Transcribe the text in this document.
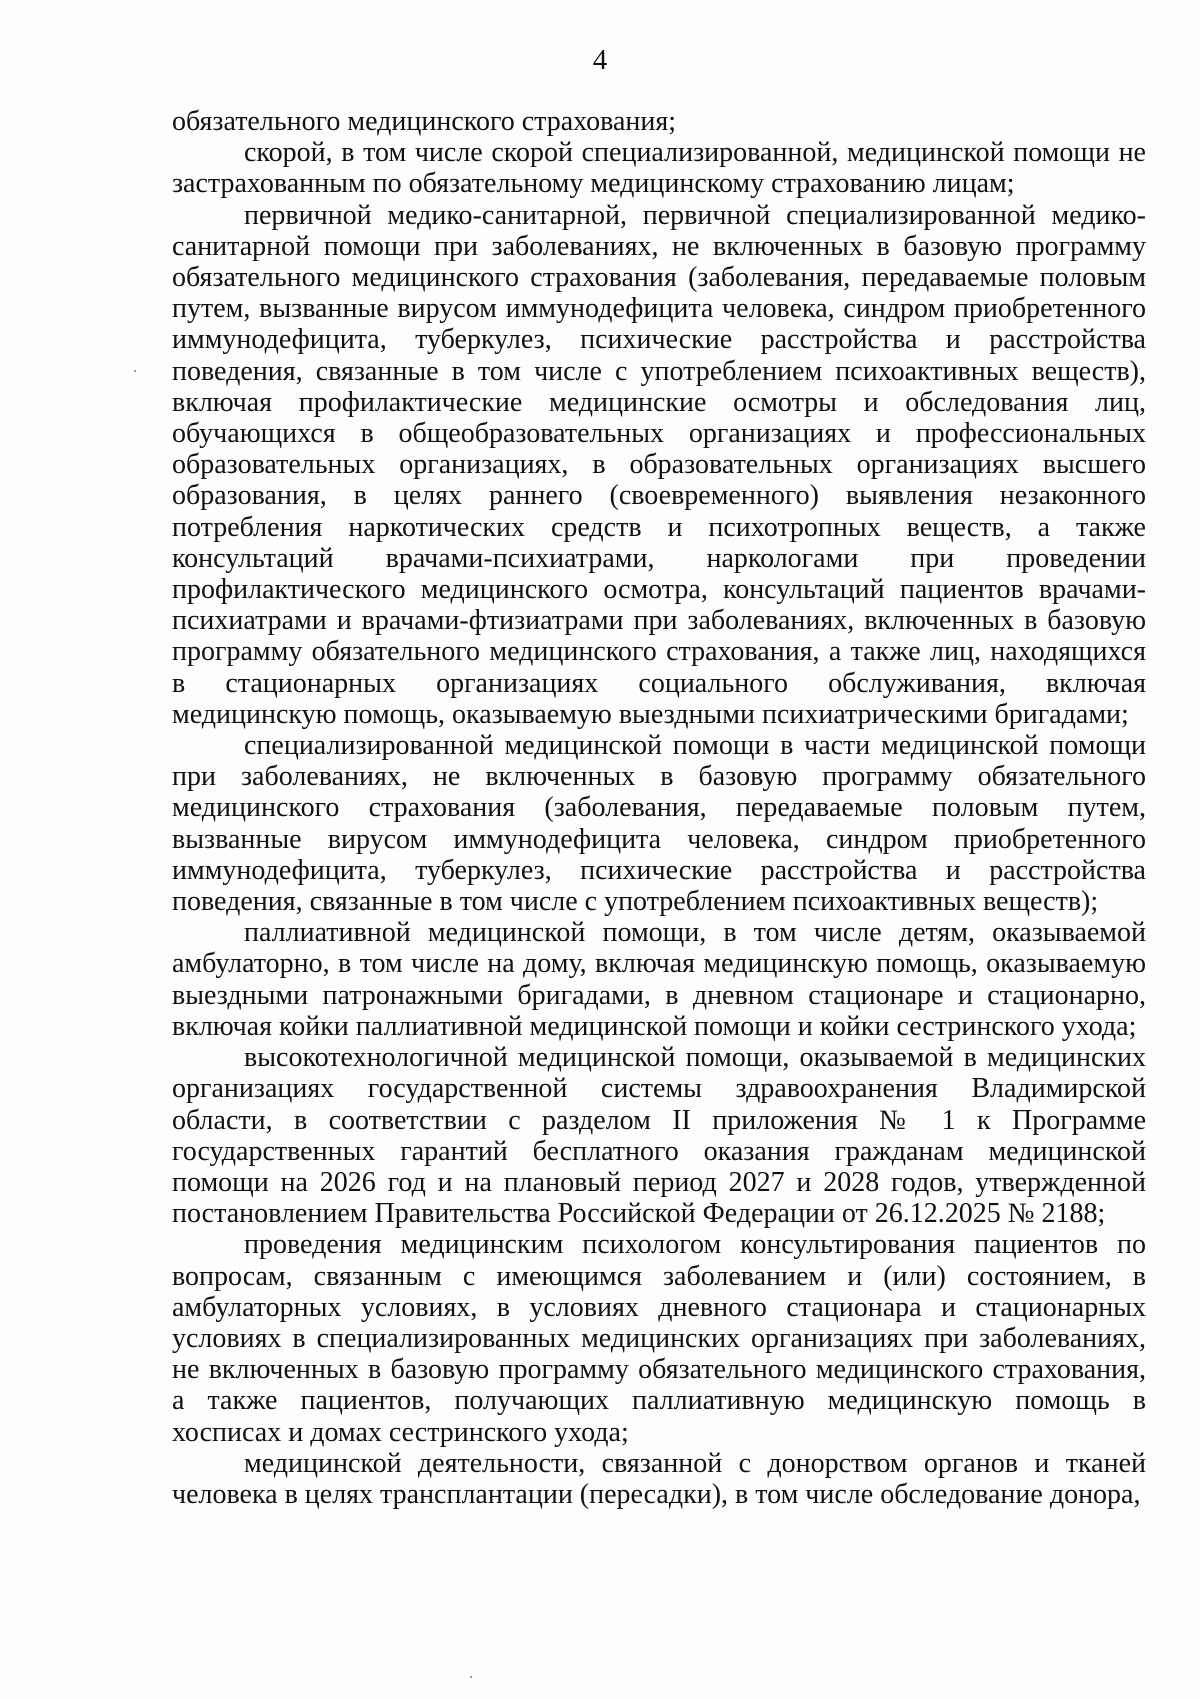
4

обязательного медицинского страхования;

скорой, в том числе скорой специализированной, медицинской помощи не застрахованным по обязательному медицинскому страхованию лицам;

первичной медико-санитарной, первичной специализированной медико-санитарной помощи при заболеваниях, не включенных в базовую программу обязательного медицинского страхования (заболевания, передаваемые половым путем, вызванные вирусом иммунодефицита человека, синдром приобретенного иммунодефицита, туберкулез, психические расстройства и расстройства поведения, связанные в том числе с употреблением психоактивных веществ), включая профилактические медицинские осмотры и обследования лиц, обучающихся в общеобразовательных организациях и профессиональных образовательных организациях, в образовательных организациях высшего образования, в целях раннего (своевременного) выявления незаконного потребления наркотических средств и психотропных веществ, а также консультаций врачами-психиатрами, наркологами при проведении профилактического медицинского осмотра, консультаций пациентов врачами-психиатрами и врачами-фтизиатрами при заболеваниях, включенных в базовую программу обязательного медицинского страхования, а также лиц, находящихся в стационарных организациях социального обслуживания, включая медицинскую помощь, оказываемую выездными психиатрическими бригадами;

специализированной медицинской помощи в части медицинской помощи при заболеваниях, не включенных в базовую программу обязательного медицинского страхования (заболевания, передаваемые половым путем, вызванные вирусом иммунодефицита человека, синдром приобретенного иммунодефицита, туберкулез, психические расстройства и расстройства поведения, связанные в том числе с употреблением психоактивных веществ);

паллиативной медицинской помощи, в том числе детям, оказываемой амбулаторно, в том числе на дому, включая медицинскую помощь, оказываемую выездными патронажными бригадами, в дневном стационаре и стационарно, включая койки паллиативной медицинской помощи и койки сестринского ухода;

высокотехнологичной медицинской помощи, оказываемой в медицинских организациях государственной системы здравоохранения Владимирской области, в соответствии с разделом II приложения № 1 к Программе государственных гарантий бесплатного оказания гражданам медицинской помощи на 2026 год и на плановый период 2027 и 2028 годов, утвержденной постановлением Правительства Российской Федерации от 26.12.2025 № 2188;

проведения медицинским психологом консультирования пациентов по вопросам, связанным с имеющимся заболеванием и (или) состоянием, в амбулаторных условиях, в условиях дневного стационара и стационарных условиях в специализированных медицинских организациях при заболеваниях, не включенных в базовую программу обязательного медицинского страхования, а также пациентов, получающих паллиативную медицинскую помощь в хосписах и домах сестринского ухода;

медицинской деятельности, связанной с донорством органов и тканей человека в целях трансплантации (пересадки), в том числе обследование донора,
